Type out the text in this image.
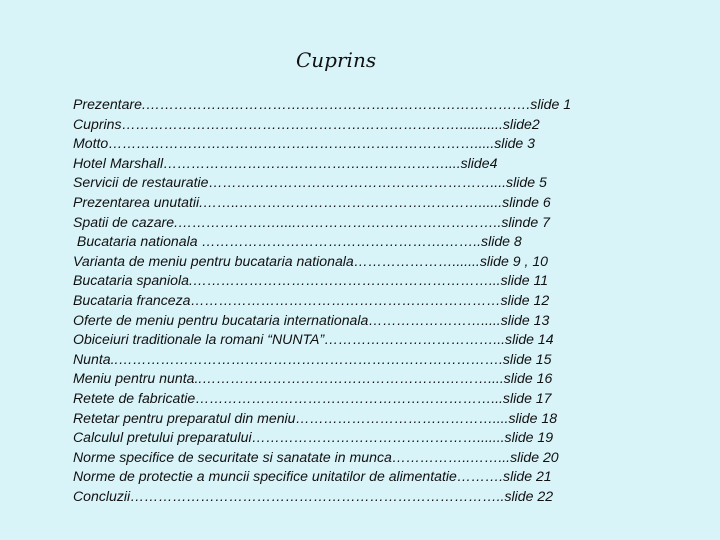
Cuprins
Prezentare.……………………………………………………………………….slide 1
Cuprins………………………………………………………………...........slide2
Motto…………………………………………………………………….....slide 3
Hotel Marshall……………………………………………………....slide4
Servicii de restauratie……………………………………………………....slide 5
Prezentarea unutatii.……..……………………………………………......slinde 6
Spatii de cazare.……………….…....……………………………………..slinde 7
Bucataria nationala …………………………………………….……..slide 8
Varianta de meniu pentru bucataria nationala………………….......slide 9 , 10
Bucataria spaniola.………………………………………………………...slide 11
Bucataria franceza…………………………………………………………slide 12
Oferte de meniu pentru bucataria internationala…………………….....slide 13
Obiceiuri traditionale la romani “NUNTA”………………………………...slide 14
Nunta..……………………………………………………………………….slide 15
Meniu pentru nunta..…………………………………………….………....slide 16
Retete de fabricatie………………………………………………………...slide 17
Retetar pentru preparatul din meniu……………………………………....slide 18
Calculul pretului preparatului………………………………………….......slide 19
Norme specifice de securitate si sanatate in munca……………..……...slide 20
Norme de protectie a muncii specifice unitatilor de alimentatie……….slide 21
Concluzii……………………………………………………………………..slide 22
